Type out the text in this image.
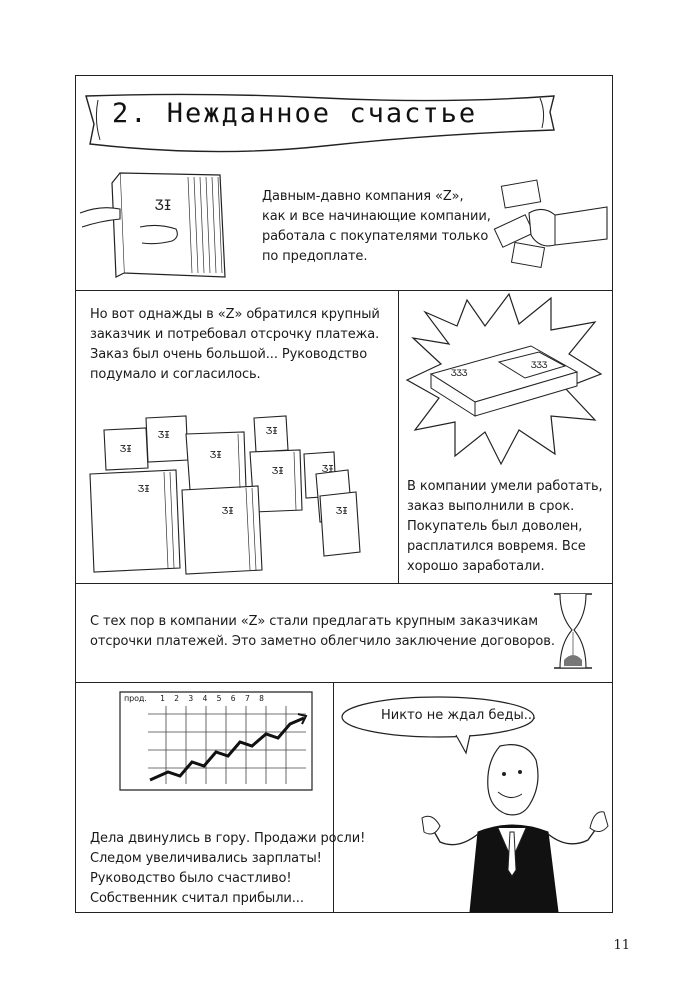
2. Нежданное счастье
ƷƗ
Давным-давно компания «Z»,
как и все начинающие компании,
работала с покупателями только
по предоплате.
Но вот однажды в «Z» обратился крупный
заказчик и потребовал отсрочку платежа.
Заказ был очень большой... Руководство
подумало и согласилось.
ƷƗ
ƷƗ
ƷƗ
ƷƗ
ƷƗ	ƷƗ
ƷƗ
ƷƗ	ƷƗ
ƷƷƷ
ƷƷƷ
В компании умели работать,
заказ выполнили в срок.
Покупатель был доволен,
расплатился вовремя. Все
хорошо заработали.
С тех пор в компании «Z» стали предлагать крупным заказчикам
отсрочки платежей. Это заметно облегчило заключение договоров.
прод. 1 2 3 4 5 6 7 8
Дела двинулись в гору. Продажи росли!
Следом увеличивались зарплаты!
Руководство было счастливо!
Собственник считал прибыли...
Никто не ждал беды...
11
